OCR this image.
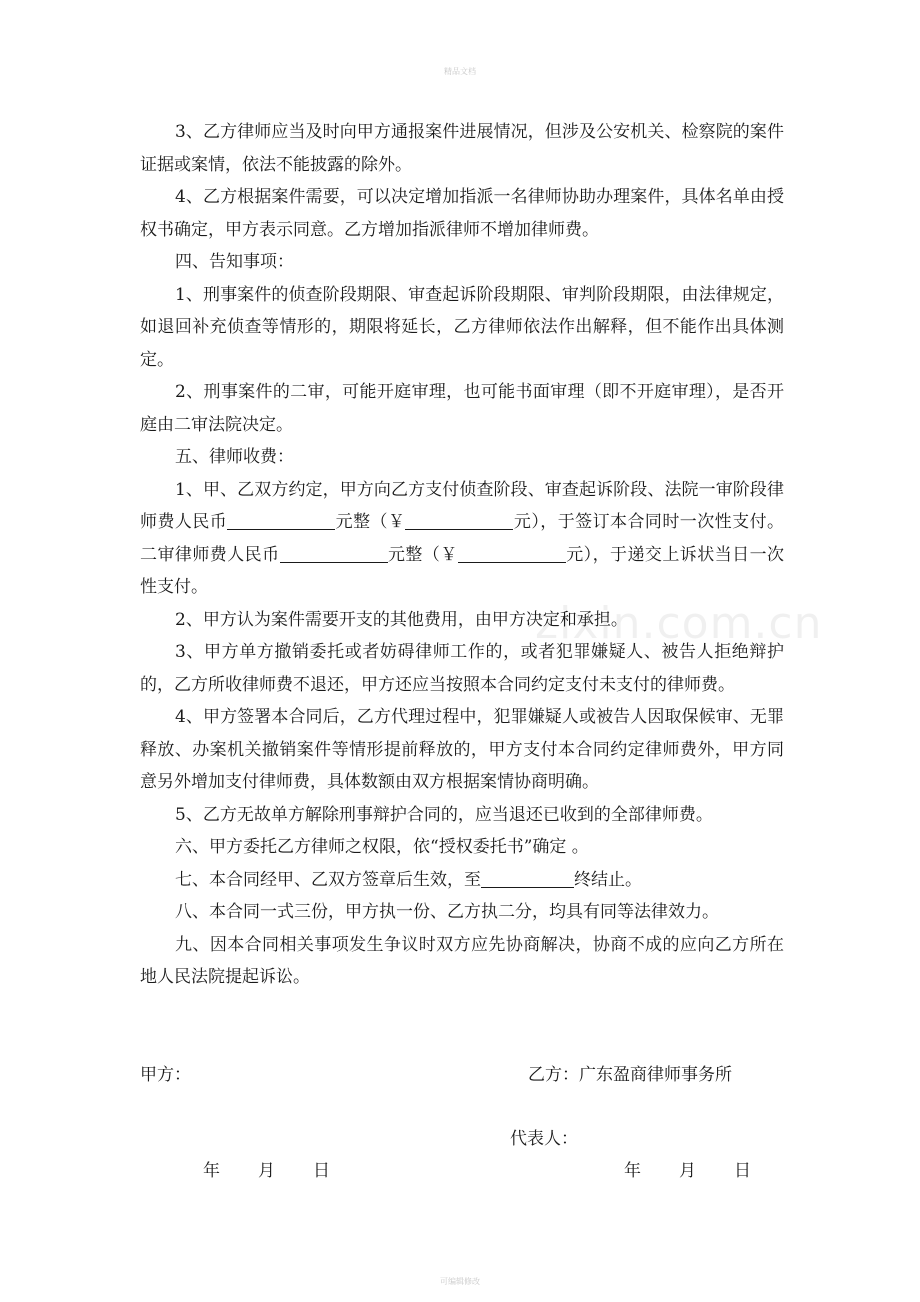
精品文档
zixin.com.cn

3、乙方律师应当及时向甲方通报案件进展情况，但涉及公安机关、检察院的案件证据或案情，依法不能披露的除外。

4、乙方根据案件需要，可以决定增加指派一名律师协助办理案件，具体名单由授权书确定，甲方表示同意。乙方增加指派律师不增加律师费。

四、告知事项：

1、刑事案件的侦查阶段期限、审查起诉阶段期限、审判阶段期限，由法律规定，如退回补充侦查等情形的，期限将延长，乙方律师依法作出解释，但不能作出具体测定。

2、刑事案件的二审，可能开庭审理，也可能书面审理（即不开庭审理），是否开庭由二审法院决定。

五、律师收费：

1、甲、乙双方约定，甲方向乙方支付侦查阶段、审查起诉阶段、法院一审阶段律师费人民币	元整（￥	元），于签订本合同时一次性支付。二审律师费人民币	元整（￥	元），于递交上诉状当日一次性支付。

2、甲方认为案件需要开支的其他费用，由甲方决定和承担。

3、甲方单方撤销委托或者妨碍律师工作的，或者犯罪嫌疑人、被告人拒绝辩护的，乙方所收律师费不退还，甲方还应当按照本合同约定支付未支付的律师费。

4、甲方签署本合同后，乙方代理过程中，犯罪嫌疑人或被告人因取保候审、无罪释放、办案机关撤销案件等情形提前释放的，甲方支付本合同约定律师费外，甲方同意另外增加支付律师费，具体数额由双方根据案情协商明确。

5、乙方无故单方解除刑事辩护合同的，应当退还已收到的全部律师费。

六、甲方委托乙方律师之权限，依“授权委托书”确定 。

七、本合同经甲、乙双方签章后生效，至	终结止。

八、本合同一式三份，甲方执一份、乙方执二分，均具有同等法律效力。

九、因本合同相关事项发生争议时双方应先协商解决，协商不成的应向乙方所在地人民法院提起诉讼。

甲方：	乙方：广东盈商律师事务所
代表人：
年 月 日	年 月 日
可编辑修改
